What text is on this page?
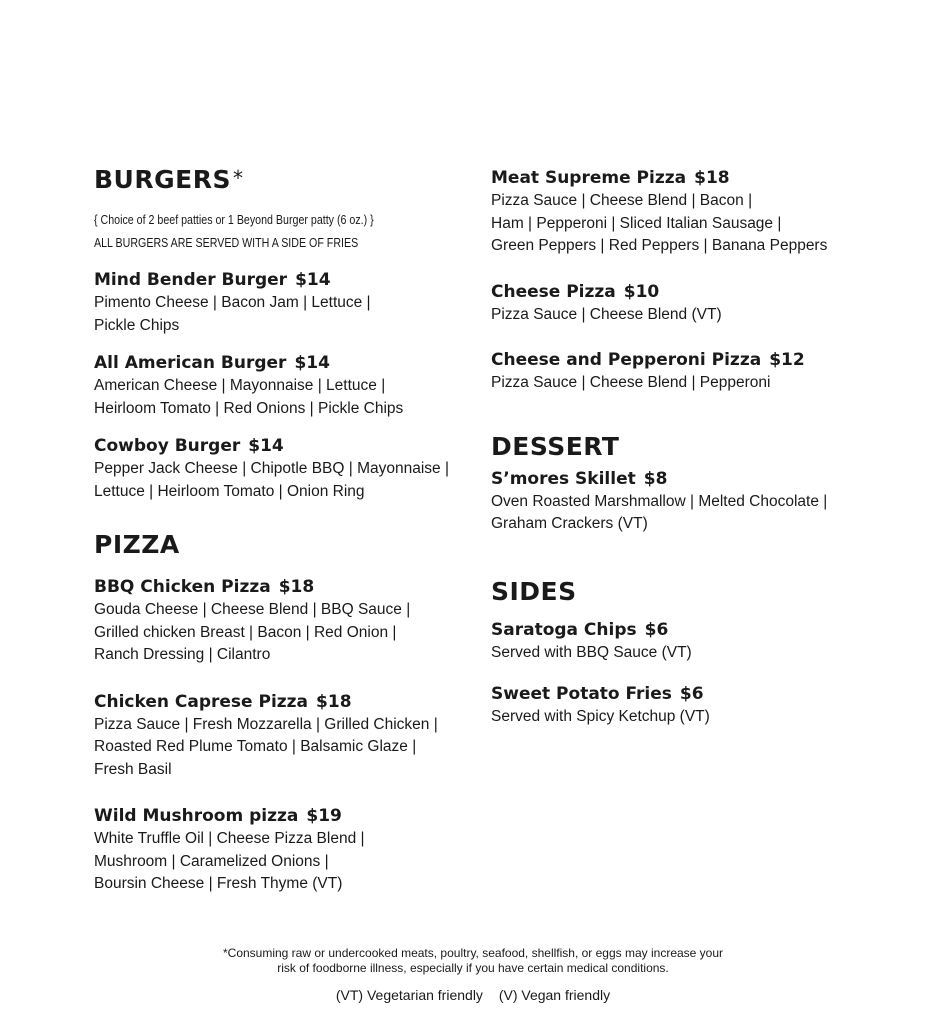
BURGERS *

{ Choice of 2 beef patties or 1 Beyond Burger patty (6 oz.) }

ALL BURGERS ARE SERVED WITH A SIDE OF FRIES

Mind Bender Burger $14

Pimento Cheese | Bacon Jam | Lettuce |
Pickle Chips

All American Burger $14

American Cheese | Mayonnaise | Lettuce |
Heirloom Tomato | Red Onions | Pickle Chips

Cowboy Burger $14

Pepper Jack Cheese | Chipotle BBQ | Mayonnaise |
Lettuce | Heirloom Tomato | Onion Ring

PIZZA

BBQ Chicken Pizza $18

Gouda Cheese | Cheese Blend | BBQ Sauce |
Grilled chicken Breast | Bacon | Red Onion |
Ranch Dressing | Cilantro

Chicken Caprese Pizza $18

Pizza Sauce | Fresh Mozzarella | Grilled Chicken |
Roasted Red Plume Tomato | Balsamic Glaze |
Fresh Basil

Wild Mushroom pizza $19

White Truffle Oil | Cheese Pizza Blend |
Mushroom | Caramelized Onions |
Boursin Cheese | Fresh Thyme (VT)

Meat Supreme Pizza $18

Pizza Sauce | Cheese Blend | Bacon |
Ham | Pepperoni | Sliced Italian Sausage |
Green Peppers | Red Peppers | Banana Peppers

Cheese Pizza $10

Pizza Sauce | Cheese Blend (VT)

Cheese and Pepperoni Pizza $12

Pizza Sauce | Cheese Blend | Pepperoni

DESSERT

S’mores Skillet $8

Oven Roasted Marshmallow | Melted Chocolate |
Graham Crackers (VT)

SIDES

Saratoga Chips $6

Served with BBQ Sauce (VT)

Sweet Potato Fries $6

Served with Spicy Ketchup (VT)

*Consuming raw or undercooked meats, poultry, seafood, shellfish, or eggs may increase your
risk of foodborne illness, especially if you have certain medical conditions.
(VT) Vegetarian friendly (V) Vegan friendly
